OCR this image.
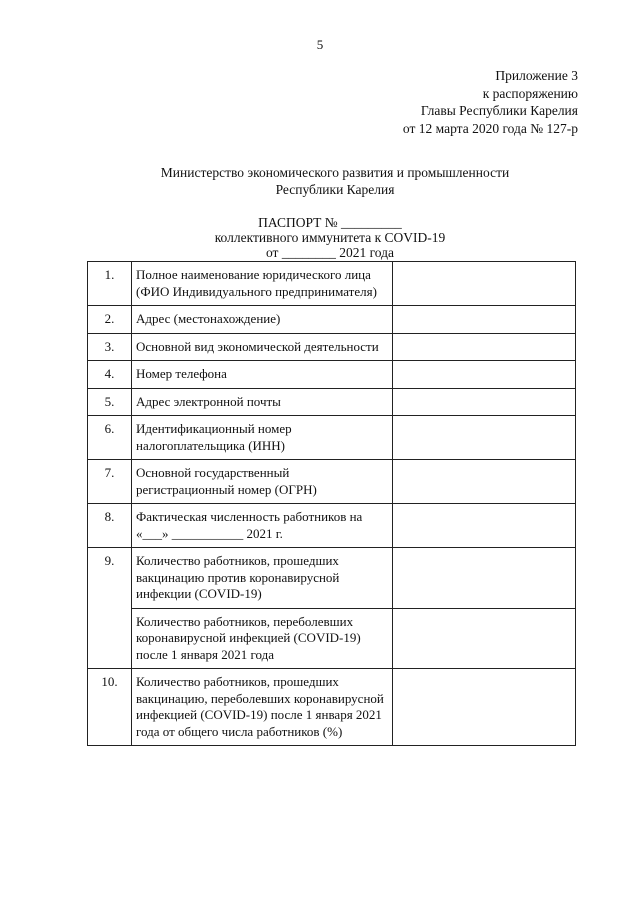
5
Приложение 3
к распоряжению
Главы Республики Карелия
от 12 марта 2020 года № 127-р
Министерство экономического развития и промышленности
Республики Карелия
ПАСПОРТ № _________
коллективного иммунитета к COVID-19
от ________ 2021 года
1.	Полное наименование юридического лица (ФИО Индивидуального предпринимателя)	
2.	Адрес (местонахождение)	
3.	Основной вид экономической деятельности	
4.	Номер телефона	
5.	Адрес электронной почты	
6.	Идентификационный номер налогоплательщика (ИНН)	
7.	Основной государственный регистрационный номер (ОГРН)	
8.	Фактическая численность работников на «___» ___________ 2021 г.	
9.	Количество работников, прошедших вакцинацию против коронавирусной инфекции (COVID-19)	
	Количество работников, переболевших коронавирусной инфекцией (COVID-19) после 1 января 2021 года	
10.	Количество работников, прошедших вакцинацию, переболевших коронавирусной инфекцией (COVID-19) после 1 января 2021 года от общего числа работников (%)	
